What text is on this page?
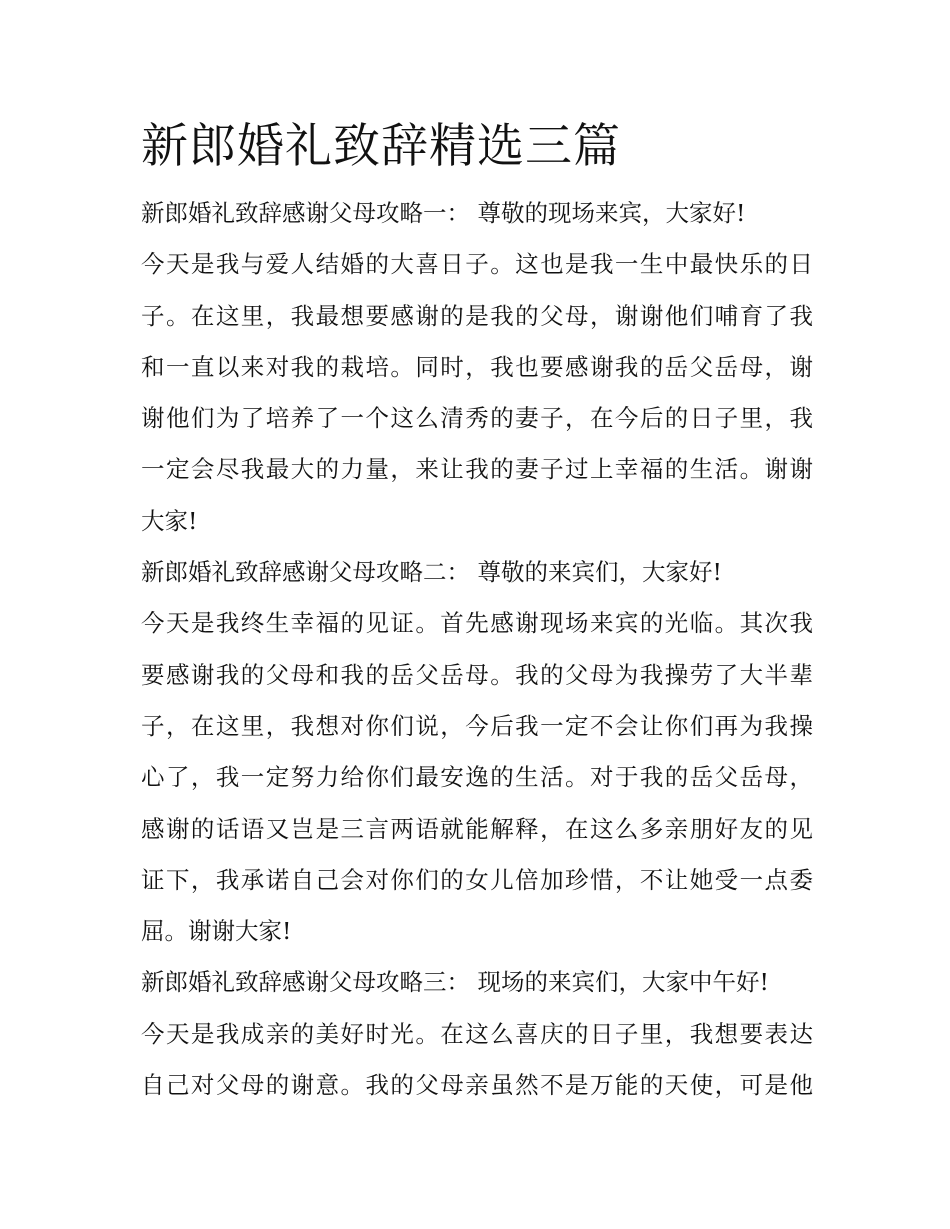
新郎婚礼致辞精选三篇

新郎婚礼致辞感谢父母攻略一： 尊敬的现场来宾，大家好!

今天是我与爱人结婚的大喜日子。这也是我一生中最快乐的日
子。在这里，我最想要感谢的是我的父母，谢谢他们哺育了我
和一直以来对我的栽培。同时，我也要感谢我的岳父岳母，谢
谢他们为了培养了一个这么清秀的妻子，在今后的日子里，我
一定会尽我最大的力量，来让我的妻子过上幸福的生活。谢谢
大家!

新郎婚礼致辞感谢父母攻略二： 尊敬的来宾们，大家好!

今天是我终生幸福的见证。首先感谢现场来宾的光临。其次我
要感谢我的父母和我的岳父岳母。我的父母为我操劳了大半辈
子，在这里，我想对你们说，今后我一定不会让你们再为我操
心了，我一定努力给你们最安逸的生活。对于我的岳父岳母，
感谢的话语又岂是三言两语就能解释，在这么多亲朋好友的见
证下，我承诺自己会对你们的女儿倍加珍惜，不让她受一点委
屈。谢谢大家!

新郎婚礼致辞感谢父母攻略三： 现场的来宾们，大家中午好!

今天是我成亲的美好时光。在这么喜庆的日子里，我想要表达
自己对父母的谢意。我的父母亲虽然不是万能的天使，可是他
